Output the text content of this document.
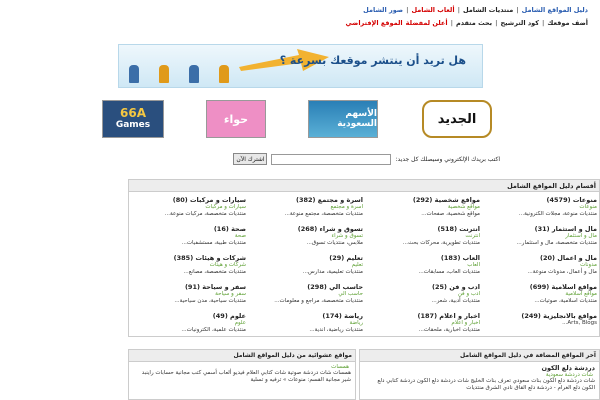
دليل المواقع الشامل
|
منتديات الشامل
|
ألعاب الشامل
|
صور الشامل
أضف موقعك
|
كود الترشيح
|
بحث متقدم
|
أعلن لمفضلة
الموقع الإفتراضي
هل تريد أن ينتشر موقعك بسرعة ؟
الجديد
الأسهم السعودية
حواء
66A
Games
اكتب بريدك الإلكتروني وسيصلك كل جديد:
اشترك الآن
أقسام دليل المواقع الشامل
منوعات (4579)
منوعات
منتديات منوعة، مجلات الكترونية...
مواقع شخصية (292)
مواقع شخصية
مواقع شخصية، صفحات...
اسرة و مجتمع (382)
اسرة و مجتمع
منتديات متخصصة، مجتمع منوعة...
سيارات و مركبات (80)
سيارات و مركبات
منتديات متخصصة، مركبات منوعة...
مال و استثمار (31)
مال و استثمار
منتديات متخصصة، مال و استثمار...
انترنت (518)
انترنت
منتديات تطويرية، محركات بحث...
تسوق و شراء (268)
تسوق و شراء
ملابس، منتديات تسوق...
صحة (16)
صحة
منتديات طبية، مستشفيات...
مال و اعمال (20)
مدونات
مال و أعمال، مدونات منوعة...
العاب (183)
العاب
منتديات العاب، مسابقات...
تعليم (29)
تعليم
منتديات تعليمية، مدارس...
شركات و هيئات (385)
شركات و هيئات
منتديات متخصصة، مصانع...
مواقع اسلامية (699)
مواقع اسلامية
منتديات اسلامية، صوتيات...
ادب و فن (25)
ادب و فن
منتديات أدبية، شعر...
حاسب الي (298)
حاسب الي
منتديات متخصصة، مراجع و معلومات...
سفر و سياحة (91)
سفر و سياحة
منتديات سياحية، مدن سياحية...
مواقع بالانجليزية (249)
Arts, Blogs...
اخبار و اعلام (187)
اخبار و اعلام
منتديات اخبارية، ملحقات...
رياضة (174)
رياضة
منتديات رياضية، اندية...
علوم (49)
علوم
منتديات علمية، الكترونيات...
آخر المواقع المضافة في دليل المواقع الشامل
دردشة دلع الكون
شات دردشة سعودية
شات دردشة دلع الكون بنات سعودي تعرف بنات الخليج شات دردشة دلع الكون دردشة كتابي دلع الكون دلع الغرام - دردشة دلع القاق نادي الشرق منتديات
مواقع عشوائية من دليل المواقع الشامل
همسات
همسات شات دردشة صوتية شات كتابي العلام فيديو ألعاب أسمي كتب مجانية حسابات راينبد شير مجانية القسم: منوعات » ترفيه و تسلية
